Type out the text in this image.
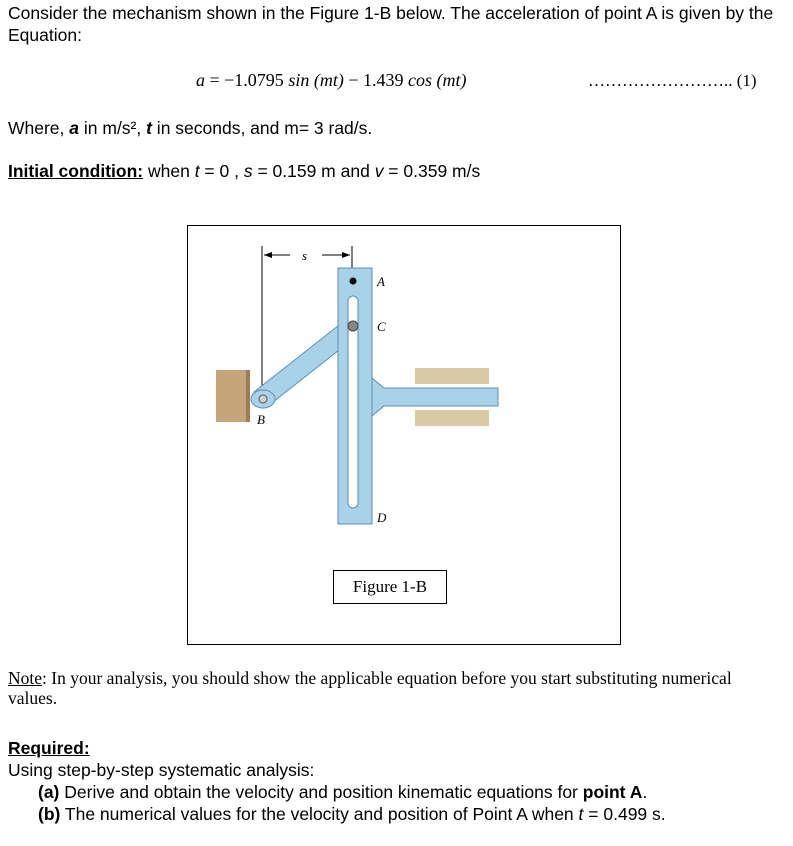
Consider the mechanism shown in the Figure 1-B below. The acceleration of point A is given by the Equation:
a = −1.0795 sin (mt) − 1.439 cos (mt)	…………………….. (1)
Where, a in m/s², t in seconds, and m= 3 rad/s.
Initial condition: when t = 0 , s = 0.159 m and v = 0.359 m/s
s
A
C
B
D
Figure 1-B
Note: In your analysis, you should show the applicable equation before you start substituting numerical values.
Required:
Using step-by-step systematic analysis:
(a) Derive and obtain the velocity and position kinematic equations for point A.
(b) The numerical values for the velocity and position of Point A when t = 0.499 s.
